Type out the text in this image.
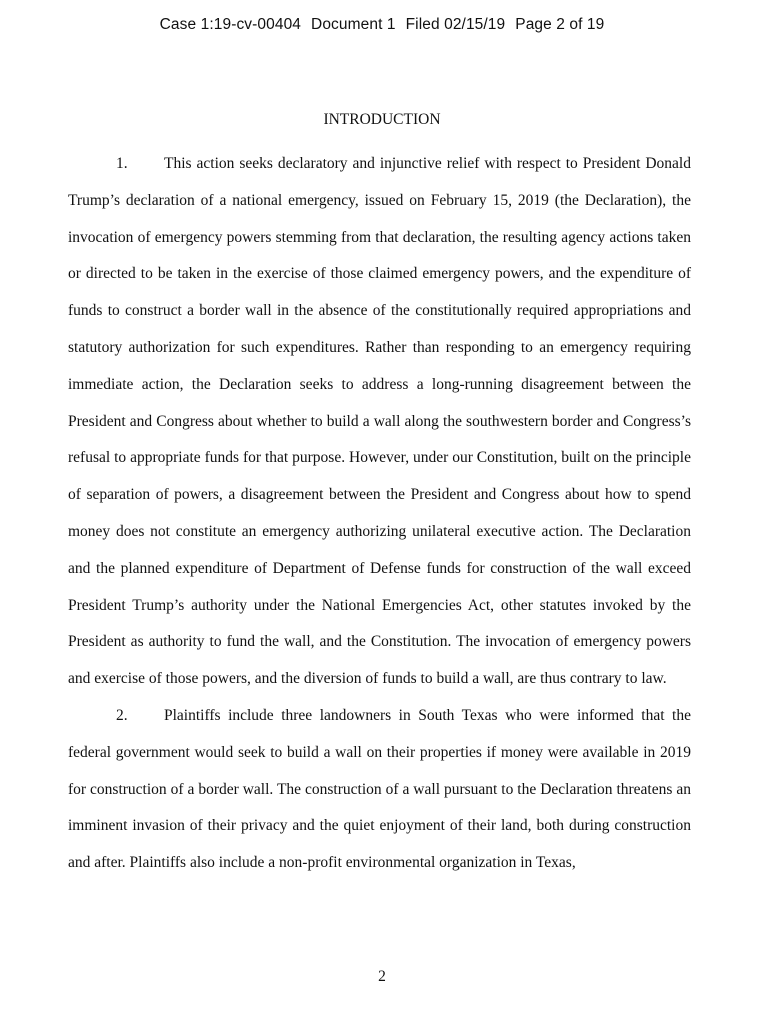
Case 1:19-cv-00404 Document 1 Filed 02/15/19 Page 2 of 19
INTRODUCTION

1. This action seeks declaratory and injunctive relief with respect to President Donald Trump’s declaration of a national emergency, issued on February 15, 2019 (the Declaration), the invocation of emergency powers stemming from that declaration, the resulting agency actions taken or directed to be taken in the exercise of those claimed emergency powers, and the expenditure of funds to construct a border wall in the absence of the constitutionally required appropriations and statutory authorization for such expenditures. Rather than responding to an emergency requiring immediate action, the Declaration seeks to address a long-running disagreement between the President and Congress about whether to build a wall along the southwestern border and Congress’s refusal to appropriate funds for that purpose. However, under our Constitution, built on the principle of separation of powers, a disagreement between the President and Congress about how to spend money does not constitute an emergency authorizing unilateral executive action. The Declaration and the planned expenditure of Department of Defense funds for construction of the wall exceed President Trump’s authority under the National Emergencies Act, other statutes invoked by the President as authority to fund the wall, and the Constitution. The invocation of emergency powers and exercise of those powers, and the diversion of funds to build a wall, are thus contrary to law.

2. Plaintiffs include three landowners in South Texas who were informed that the federal government would seek to build a wall on their properties if money were available in 2019 for construction of a border wall. The construction of a wall pursuant to the Declaration threatens an imminent invasion of their privacy and the quiet enjoyment of their land, both during construction and after. Plaintiffs also include a non-profit environmental organization in Texas,

2
